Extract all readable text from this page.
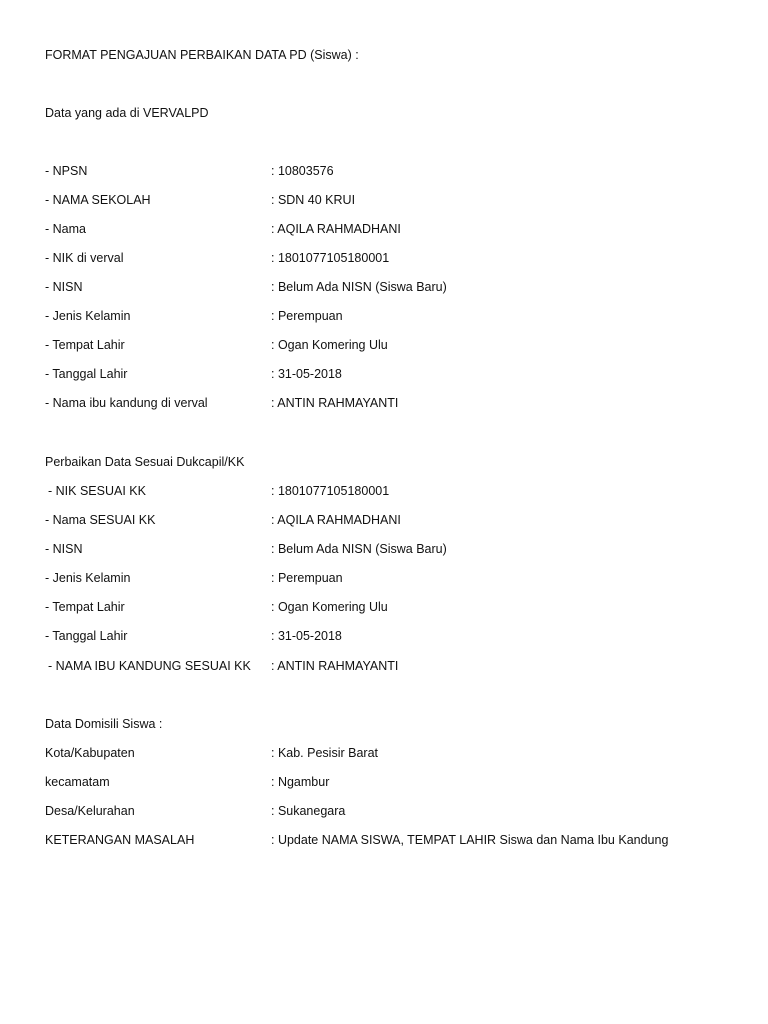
FORMAT PENGAJUAN PERBAIKAN DATA PD (Siswa) :
Data yang ada di VERVALPD
- NPSN	: 10803576
- NAMA SEKOLAH	: SDN 40 KRUI
- Nama	: AQILA RAHMADHANI
- NIK di verval	: 1801077105180001
- NISN	: Belum Ada NISN (Siswa Baru)
- Jenis Kelamin	: Perempuan
- Tempat Lahir	: Ogan Komering Ulu
- Tanggal Lahir	: 31-05-2018
- Nama ibu kandung di verval	: ANTIN RAHMAYANTI
Perbaikan Data Sesuai Dukcapil/KK
- NIK SESUAI KK	: 1801077105180001
- Nama SESUAI KK	: AQILA RAHMADHANI
- NISN	: Belum Ada NISN (Siswa Baru)
- Jenis Kelamin	: Perempuan
- Tempat Lahir	: Ogan Komering Ulu
- Tanggal Lahir	: 31-05-2018
- NAMA IBU KANDUNG SESUAI KK : ANTIN RAHMAYANTI
Data Domisili Siswa :
Kota/Kabupaten	: Kab. Pesisir Barat
kecamatam	: Ngambur
Desa/Kelurahan	: Sukanegara
KETERANGAN MASALAH	: Update NAMA SISWA, TEMPAT LAHIR Siswa dan Nama Ibu Kandung
